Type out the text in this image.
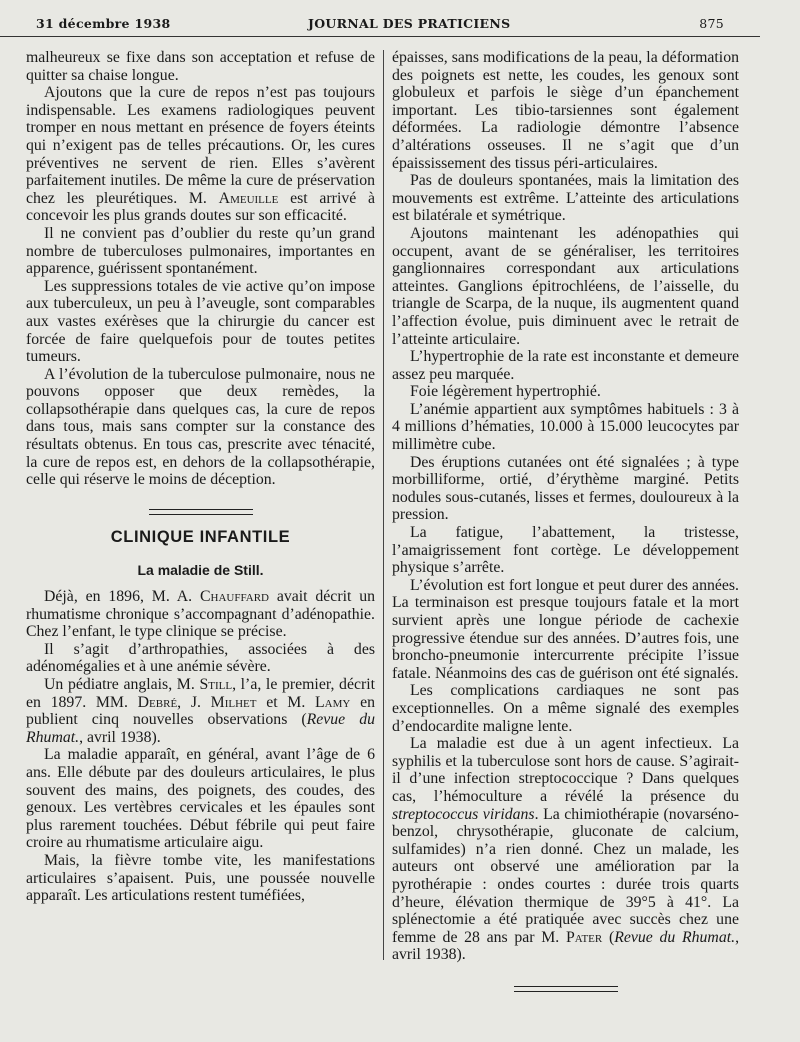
31 décembre 1938	JOURNAL DES PRATICIENS	875

malheureux se fixe dans son acceptation et refuse de quitter sa chaise longue.

Ajoutons que la cure de repos n’est pas toujours indispensable. Les examens radiologiques peuvent tromper en nous mettant en présence de foyers éteints qui n’exigent pas de telles précautions. Or, les cures préventives ne servent de rien. Elles s’avèrent parfaitement inutiles. De même la cure de préservation chez les pleurétiques. M. Ameuille est arrivé à concevoir les plus grands doutes sur son efficacité.

Il ne convient pas d’oublier du reste qu’un grand nombre de tuberculoses pulmonaires, importantes en apparence, guérissent spontanément.

Les suppressions totales de vie active qu’on impose aux tuberculeux, un peu à l’aveugle, sont comparables aux vastes exérèses que la chirurgie du cancer est forcée de faire quelquefois pour de toutes petites tumeurs.

A l’évolution de la tuberculose pulmonaire, nous ne pouvons opposer que deux remèdes, la collapsothérapie dans quelques cas, la cure de repos dans tous, mais sans compter sur la constance des résultats obtenus. En tous cas, prescrite avec ténacité, la cure de repos est, en dehors de la collapsothérapie, celle qui réserve le moins de déception.

CLINIQUE INFANTILE
La maladie de Still.

Déjà, en 1896, M. A. Chauffard avait décrit un rhumatisme chronique s’accompagnant d’adénopathie. Chez l’enfant, le type clinique se précise.

Il s’agit d’arthropathies, associées à des adénomégalies et à une anémie sévère.

Un pédiatre anglais, M. Still, l’a, le premier, décrit en 1897. MM. Debré, J. Milhet et M. Lamy en publient cinq nouvelles observations (Revue du Rhumat., avril 1938).

La maladie apparaît, en général, avant l’âge de 6 ans. Elle débute par des douleurs articulaires, le plus souvent des mains, des poignets, des coudes, des genoux. Les vertèbres cervicales et les épaules sont plus rarement touchées. Début fébrile qui peut faire croire au rhumatisme articulaire aigu.

Mais, la fièvre tombe vite, les manifestations articulaires s’apaisent. Puis, une poussée nouvelle apparaît. Les articulations restent tuméfiées,

épaisses, sans modifications de la peau, la déformation des poignets est nette, les coudes, les genoux sont globuleux et parfois le siège d’un épanchement important. Les tibio-tarsiennes sont également déformées. La radiologie démontre l’absence d’altérations osseuses. Il ne s’agit que d’un épaississement des tissus péri-articulaires.

Pas de douleurs spontanées, mais la limitation des mouvements est extrême. L’atteinte des articulations est bilatérale et symétrique.

Ajoutons maintenant les adénopathies qui occupent, avant de se généraliser, les territoires ganglionnaires correspondant aux articulations atteintes. Ganglions épitrochléens, de l’aisselle, du triangle de Scarpa, de la nuque, ils augmentent quand l’affection évolue, puis diminuent avec le retrait de l’atteinte articulaire.

L’hypertrophie de la rate est inconstante et demeure assez peu marquée.

Foie légèrement hypertrophié.

L’anémie appartient aux symptômes habituels : 3 à 4 millions d’hématies, 10.000 à 15.000 leucocytes par millimètre cube.

Des éruptions cutanées ont été signalées ; à type morbilliforme, ortié, d’érythème marginé. Petits nodules sous-cutanés, lisses et fermes, douloureux à la pression.

La fatigue, l’abattement, la tristesse, l’amaigrissement font cortège. Le développement physique s’arrête.

L’évolution est fort longue et peut durer des années. La terminaison est presque toujours fatale et la mort survient après une longue période de cachexie progressive étendue sur des années. D’autres fois, une broncho-pneumonie intercurrente précipite l’issue fatale. Néanmoins des cas de guérison ont été signalés.

Les complications cardiaques ne sont pas exceptionnelles. On a même signalé des exemples d’endocardite maligne lente.

La maladie est due à un agent infectieux. La syphilis et la tuberculose sont hors de cause. S’agirait-il d’une infection streptococcique ? Dans quelques cas, l’hémoculture a révélé la présence du streptococcus viridans. La chimiothérapie (novarséno-benzol, chrysothérapie, gluconate de calcium, sulfamides) n’a rien donné. Chez un malade, les auteurs ont observé une amélioration par la pyrothérapie : ondes courtes : durée trois quarts d’heure, élévation thermique de 39°5 à 41°. La splénectomie a été pratiquée avec succès chez une femme de 28 ans par M. Pater (Revue du Rhumat., avril 1938).
